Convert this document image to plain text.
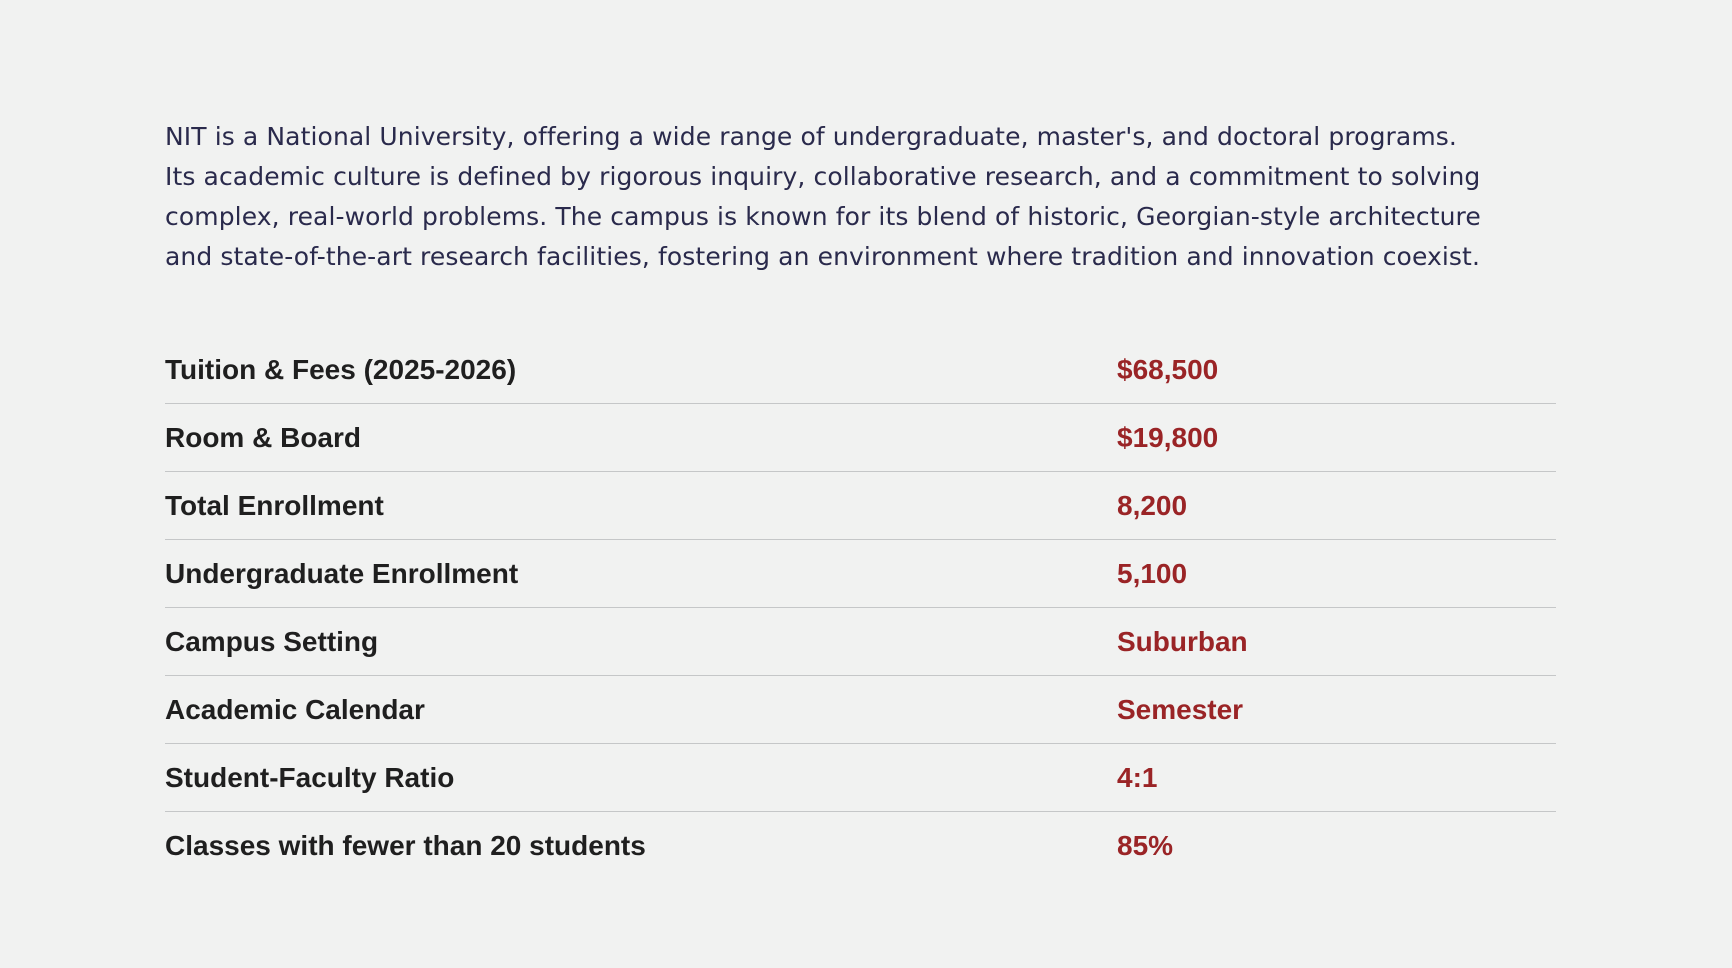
NIT is a National University, offering a wide range of undergraduate, master's, and doctoral programs.
Its academic culture is defined by rigorous inquiry, collaborative research, and a commitment to solving
complex, real-world problems. The campus is known for its blend of historic, Georgian-style architecture
and state-of-the-art research facilities, fostering an environment where tradition and innovation coexist.

Tuition & Fees (2025-2026)	$68,500
Room & Board	$19,800
Total Enrollment	8,200
Undergraduate Enrollment	5,100
Campus Setting	Suburban
Academic Calendar	Semester
Student-Faculty Ratio	4:1
Classes with fewer than 20 students	85%
